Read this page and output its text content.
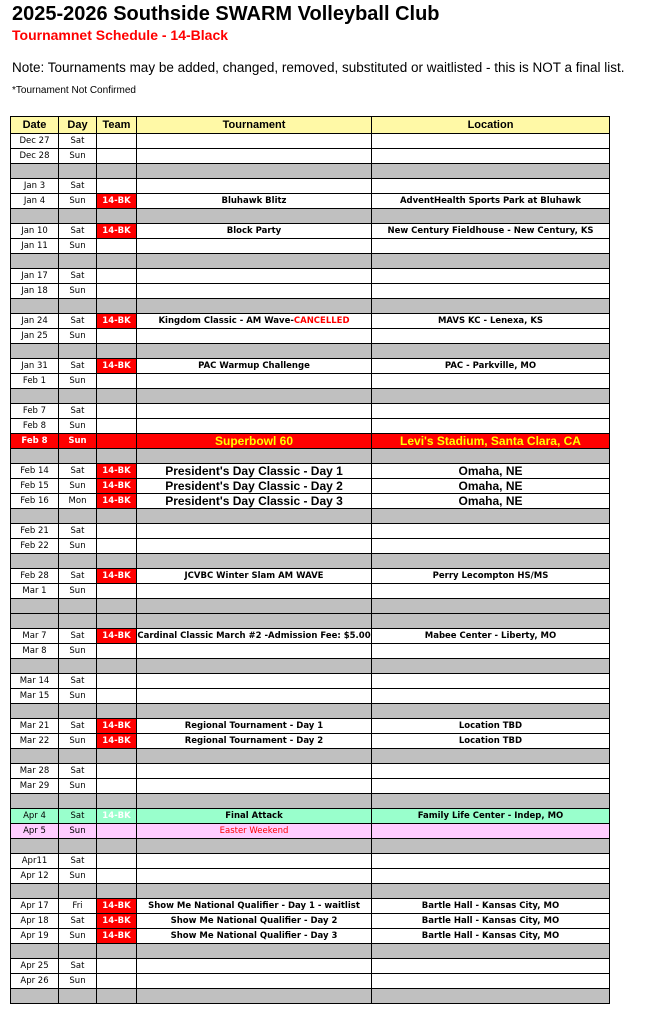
2025-2026 Southside SWARM Volleyball Club
Tournamnet Schedule - 14-Black
Note: Tournaments may be added, changed, removed, substituted or waitlisted - this is NOT a final list.
*Tournament Not Confirmed
Date	Day	Team	Tournament	Location
Dec 27	Sat			
Dec 28	Sun			

Jan 3	Sat			
Jan 4	Sun	14-BK	Bluhawk Blitz	AdventHealth Sports Park at Bluhawk

Jan 10	Sat	14-BK	Block Party	New Century Fieldhouse - New Century, KS
Jan 11	Sun			

Jan 17	Sat			
Jan 18	Sun			

Jan 24	Sat	14-BK	Kingdom Classic - AM Wave-CANCELLED	MAVS KC - Lenexa, KS
Jan 25	Sun			

Jan 31	Sat	14-BK	PAC Warmup Challenge	PAC - Parkville, MO
Feb 1	Sun			

Feb 7	Sat			
Feb 8	Sun			
Feb 8	Sun		Superbowl 60	Levi's Stadium, Santa Clara, CA

Feb 14	Sat	14-BK	President's Day Classic - Day 1	Omaha, NE
Feb 15	Sun	14-BK	President's Day Classic - Day 2	Omaha, NE
Feb 16	Mon	14-BK	President's Day Classic - Day 3	Omaha, NE

Feb 21	Sat			
Feb 22	Sun			

Feb 28	Sat	14-BK	JCVBC Winter Slam AM WAVE	Perry Lecompton HS/MS
Mar 1	Sun			

Mar 7	Sat	14-BK	Cardinal Classic March #2 -Admission Fee: $5.00	Mabee Center - Liberty, MO
Mar 8	Sun			

Mar 14	Sat			
Mar 15	Sun			

Mar 21	Sat	14-BK	Regional Tournament - Day 1	Location TBD
Mar 22	Sun	14-BK	Regional Tournament - Day 2	Location TBD

Mar 28	Sat			
Mar 29	Sun			

Apr 4	Sat	14-BK	Final Attack	Family Life Center - Indep, MO
Apr 5	Sun		Easter Weekend	

Apr11	Sat			
Apr 12	Sun			

Apr 17	Fri	14-BK	Show Me National Qualifier - Day 1 - waitlist	Bartle Hall - Kansas City, MO
Apr 18	Sat	14-BK	Show Me National Qualifier - Day 2	Bartle Hall - Kansas City, MO
Apr 19	Sun	14-BK	Show Me National Qualifier - Day 3	Bartle Hall - Kansas City, MO

Apr 25	Sat			
Apr 26	Sun			
